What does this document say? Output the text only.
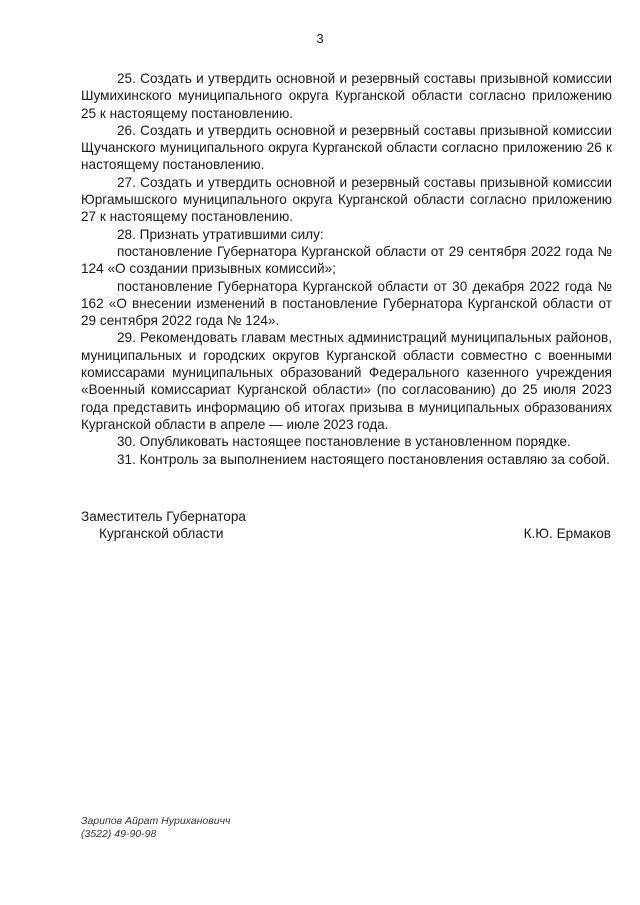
3

25. Создать и утвердить основной и резервный составы призывной комиссии Шумихинского муниципального округа Курганской области согласно приложению 25 к настоящему постановлению.

26. Создать и утвердить основной и резервный составы призывной комиссии Щучанского муниципального округа Курганской области согласно приложению 26 к настоящему постановлению.

27. Создать и утвердить основной и резервный составы призывной комиссии Юргамышского муниципального округа Курганской области согласно приложению 27 к настоящему постановлению.

28. Признать утратившими силу:

постановление Губернатора Курганской области от 29 сентября 2022 года № 124 «О создании призывных комиссий»;

постановление Губернатора Курганской области от 30 декабря 2022 года № 162 «О внесении изменений в постановление Губернатора Курганской области от 29 сентября 2022 года № 124».

29. Рекомендовать главам местных администраций муниципальных районов, муниципальных и городских округов Курганской области совместно с военными комиссарами муниципальных образований Федерального казенного учреждения «Военный комиссариат Курганской области» (по согласованию) до 25 июля 2023 года представить информацию об итогах призыва в муниципальных образованиях Курганской области в апреле — июле 2023 года.

30. Опубликовать настоящее постановление в установленном порядке.

31. Контроль за выполнением настоящего постановления оставляю за собой.

Заместитель Губернатора
Курганской области	К.Ю. Ермаков
Зарипов Айрат Нурихановичч
(3522) 49-90-98
